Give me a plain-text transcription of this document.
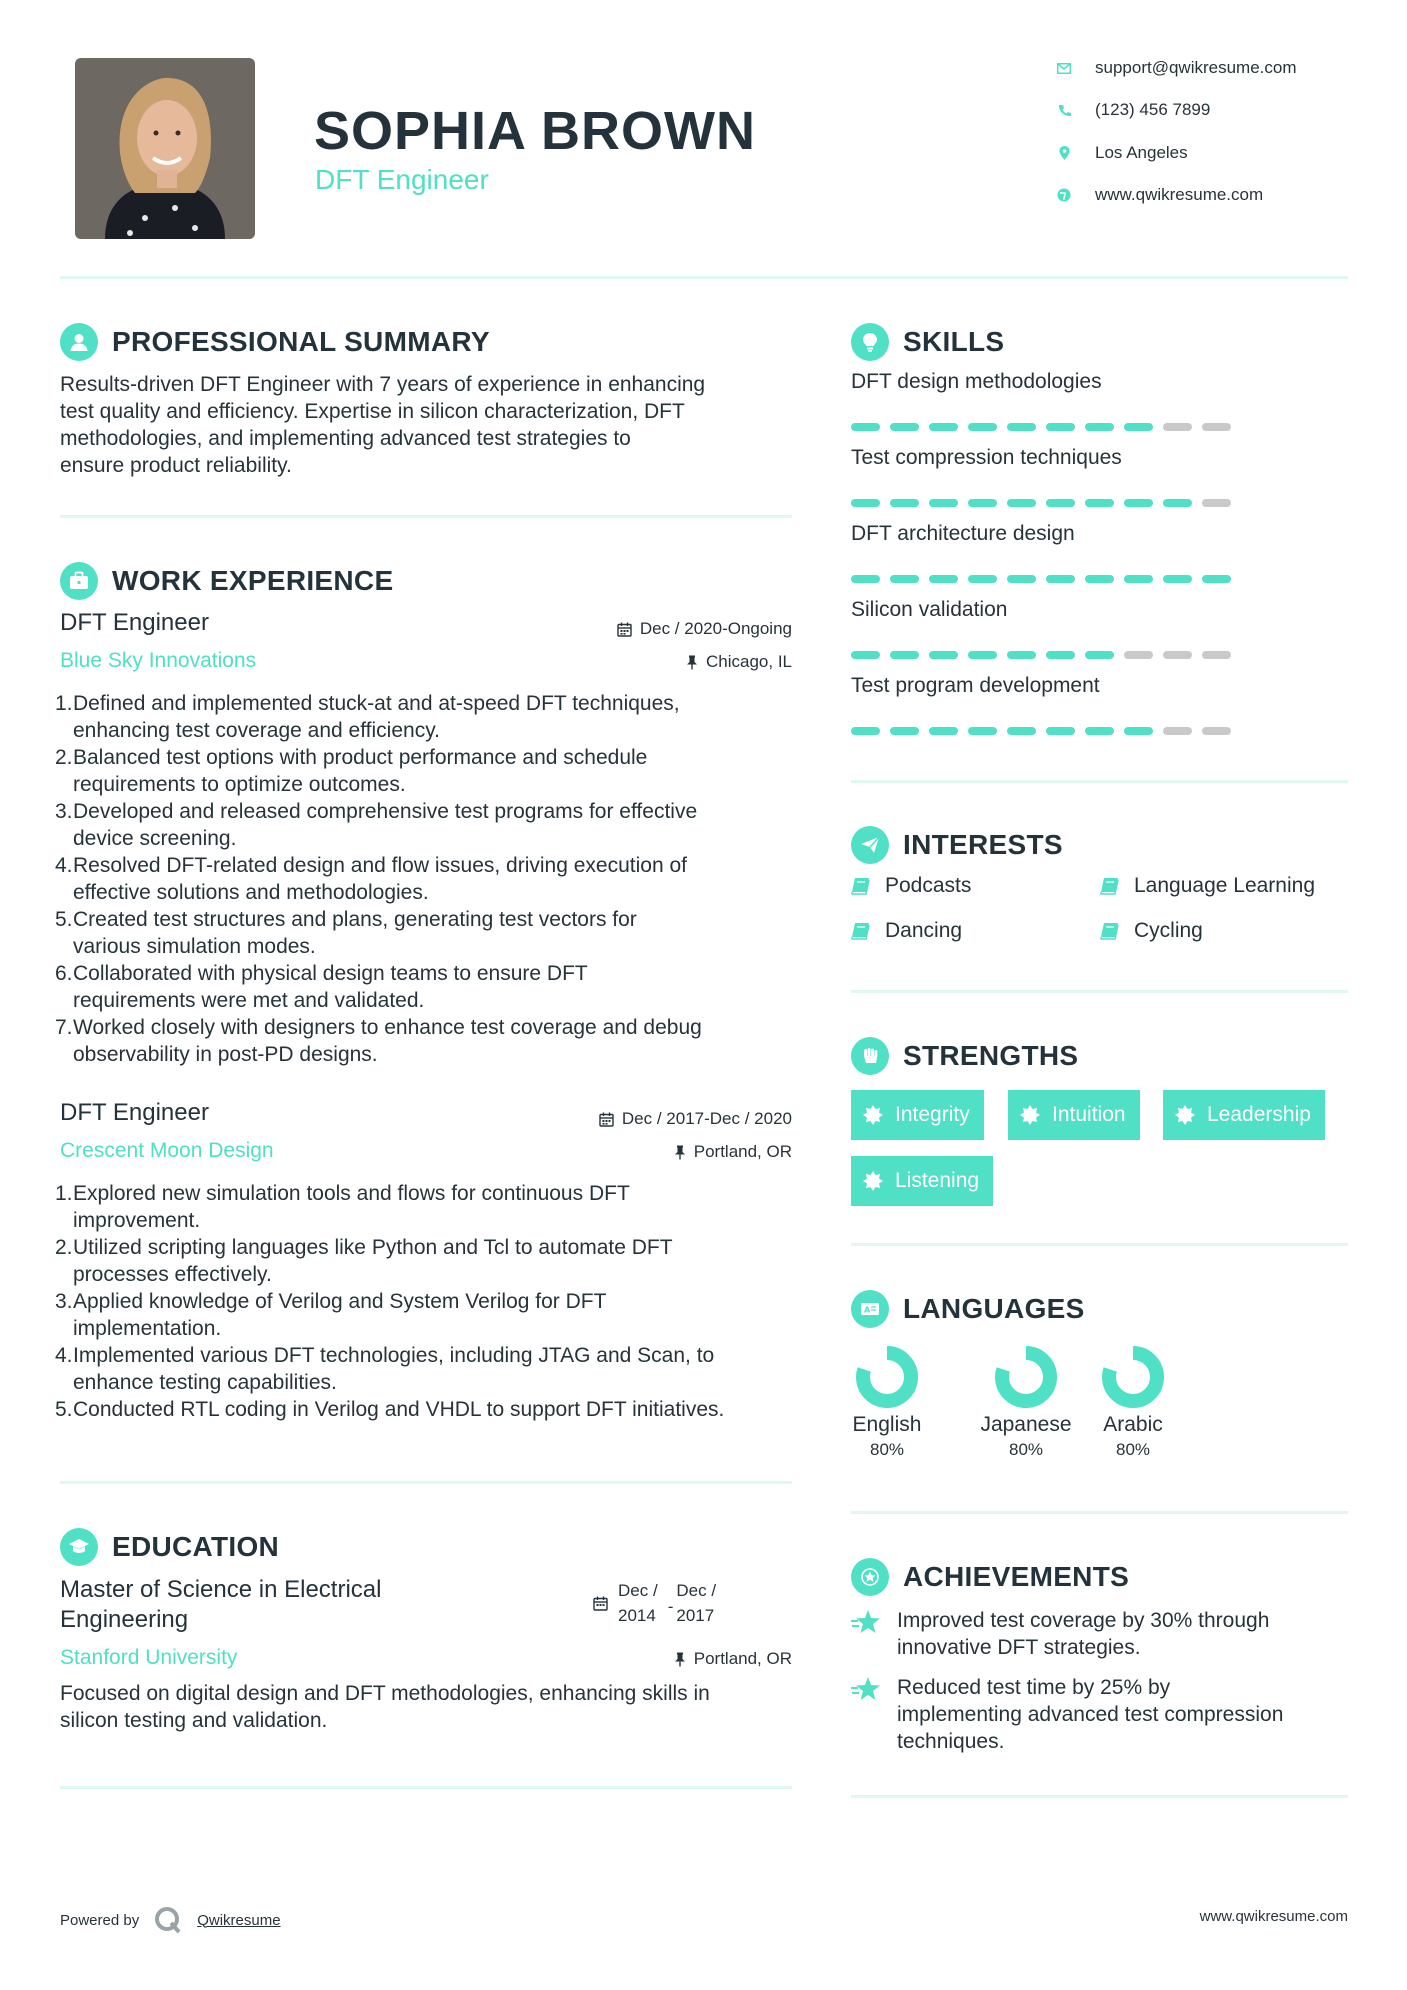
SOPHIA BROWN
DFT Engineer
support@qwikresume.com
(123) 456 7899
Los Angeles
www.qwikresume.com
PROFESSIONAL SUMMARY
Results-driven DFT Engineer with 7 years of experience in enhancing
test quality and efficiency. Expertise in silicon characterization, DFT
methodologies, and implementing advanced test strategies to
ensure product reliability.
WORK EXPERIENCE
DFT Engineer
Blue Sky Innovations
Dec / 2020-Ongoing
Chicago, IL
1. Defined and implemented stuck-at and at-speed DFT techniques,
enhancing test coverage and efficiency.
2. Balanced test options with product performance and schedule
requirements to optimize outcomes.
3. Developed and released comprehensive test programs for effective
device screening.
4. Resolved DFT-related design and flow issues, driving execution of
effective solutions and methodologies.
5. Created test structures and plans, generating test vectors for
various simulation modes.
6. Collaborated with physical design teams to ensure DFT
requirements were met and validated.
7. Worked closely with designers to enhance test coverage and debug
observability in post-PD designs.
DFT Engineer
Crescent Moon Design
Dec / 2017-Dec / 2020
Portland, OR
1. Explored new simulation tools and flows for continuous DFT
improvement.
2. Utilized scripting languages like Python and Tcl to automate DFT
processes effectively.
3. Applied knowledge of Verilog and System Verilog for DFT
implementation.
4. Implemented various DFT technologies, including JTAG and Scan, to
enhance testing capabilities.
5. Conducted RTL coding in Verilog and VHDL to support DFT initiatives.
EDUCATION
Master of Science in Electrical
Engineering
Stanford University
Dec /
2014 -
Dec /
2017
Portland, OR
Focused on digital design and DFT methodologies, enhancing skills in
silicon testing and validation.
SKILLS
DFT design methodologies
Test compression techniques
DFT architecture design
Silicon validation
Test program development
INTERESTS
Podcasts	Language Learning
Dancing	Cycling
STRENGTHS
Integrity	Intuition	Leadership
Listening
A LANGUAGES
English
80%
Japanese
80%
Arabic
80%
ACHIEVEMENTS
Improved test coverage by 30% through
innovative DFT strategies.
Reduced test time by 25% by
implementing advanced test compression
techniques.
Powered by	Qwikresume	www.qwikresume.com
